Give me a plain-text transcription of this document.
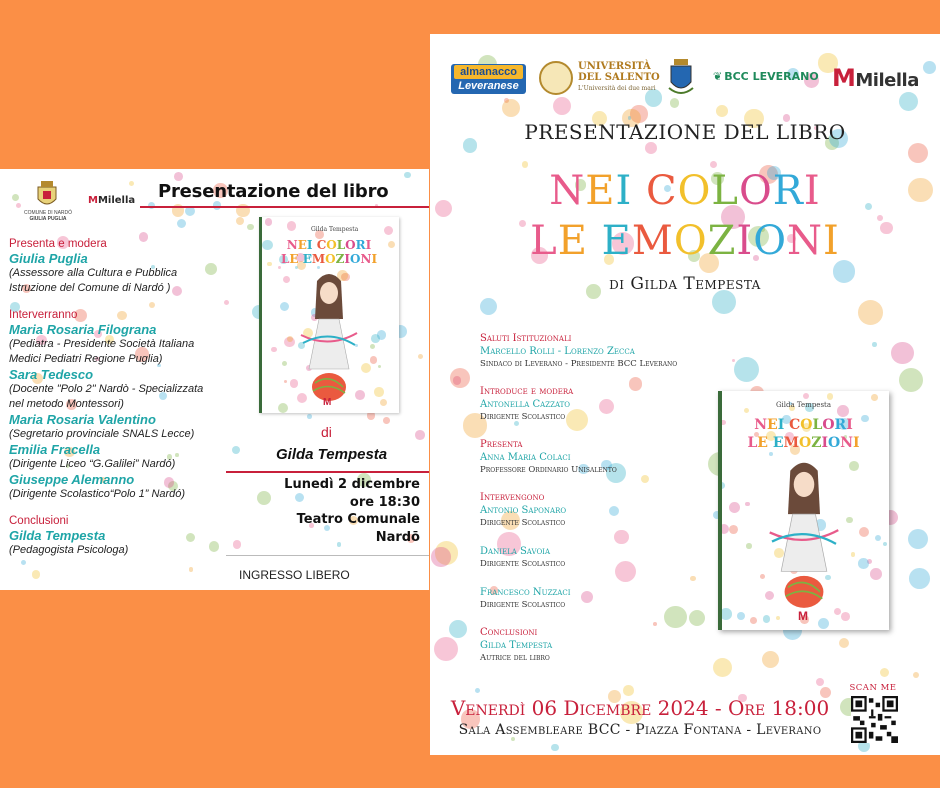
COMUNE DI NARDÓ
GIULIA PUGLIA
MMilella Presentazione del libro
Presenta e modera
Giulia Puglia
(Assessore alla Cultura e Pubblica
Istruzione del Comune di Nardó )
Interverranno
Maria Rosaria Filograna
(Pediatra - Presidente Società Italiana
Medici Pediatri Regione Puglia)
Sara Tedesco
(Docente "Polo 2" Nardò - Specializzata
nel metodo Montessori)
Maria Rosaria Valentino
(Segretario provinciale SNALS Lecce)
Emilia Fracella
(Dirigente Liceo “G.Galilei” Nardó)
Giuseppe Alemanno
(Dirigente Scolastico“Polo 1” Nardó)
Conclusioni
Gilda Tempesta
(Pedagogista Psicologa)
Gilda Tempesta
NEI COLORI
LE EMOZIONI
M
di
Gilda Tempesta
Lunedì 2 dicembre
ore 18:30
Teatro Comunale
Nardō
INGRESSO LIBERO
almanacco
Leveranese
UNIVERSITÀ
DEL SALENTO
L'Università dei due mari
❦ BCC LEVERANO MMilella
PRESENTAZIONE DEL LIBRO
NEI COLORI
LE EMOZIONI
di Gilda Tempesta
Saluti Istituzionali
Marcello Rolli - Lorenzo Zecca
Sindaco di Leverano - Presidente BCC Leverano
Introduce e modera
Antonella Cazzato
Dirigente Scolastico
Presenta
Anna Maria Colaci
Professore Ordinario Unisalento
Intervengono
Antonio Saponaro
Dirigente Scolastico
Daniela Savoia
Dirigente Scolastico
Francesco Nuzzaci
Dirigente Scolastico
Conclusioni
Gilda Tempesta
Autrice del libro
Gilda Tempesta
NEI COLORI
LE EMOZIONI
M
Venerdì 06 Dicembre 2024 - Ore 18:00
Sala Assembleare BCC - Piazza Fontana - Leverano
SCAN ME
